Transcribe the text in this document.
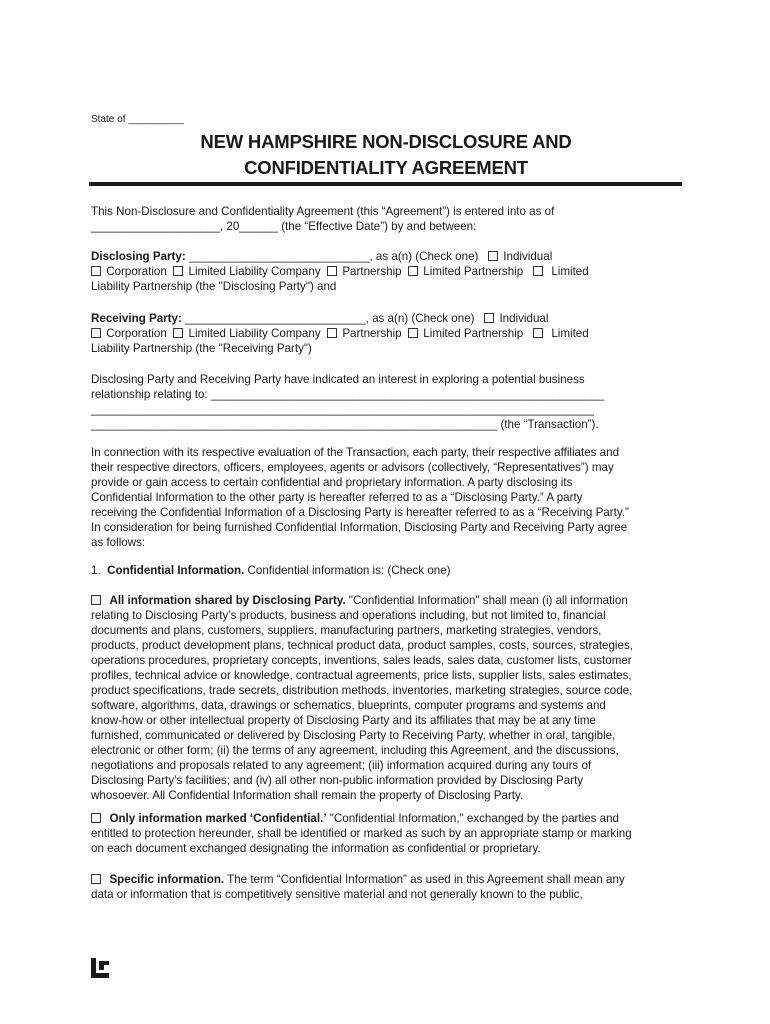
State of __________
NEW HAMPSHIRE NON-DISCLOSURE AND
CONFIDENTIALITY AGREEMENT
This Non-Disclosure and Confidentiality Agreement (this “Agreement”) is entered into as of
____________________, 20______ (the “Effective Date”) by and between:
Disclosing Party: ____________________________, as a(n) (Check one) Individual
Corporation Limited Liability Company Partnership Limited Partnership Limited
Liability Partnership (the "Disclosing Party") and
Receiving Party: ____________________________, as a(n) (Check one) Individual
Corporation Limited Liability Company Partnership Limited Partnership Limited
Liability Partnership (the "Receiving Party")
Disclosing Party and Receiving Party have indicated an interest in exploring a potential business
relationship relating to: _____________________________________________________________
______________________________________________________________________________
_______________________________________________________________ (the “Transaction”).
In connection with its respective evaluation of the Transaction, each party, their respective affiliates and
their respective directors, officers, employees, agents or advisors (collectively, “Representatives”) may
provide or gain access to certain confidential and proprietary information. A party disclosing its
Confidential Information to the other party is hereafter referred to as a “Disclosing Party.” A party
receiving the Confidential Information of a Disclosing Party is hereafter referred to as a “Receiving Party.”
In consideration for being furnished Confidential Information, Disclosing Party and Receiving Party agree
as follows:
1. Confidential Information. Confidential information is: (Check one)
All information shared by Disclosing Party. "Confidential Information" shall mean (i) all information
relating to Disclosing Party’s products, business and operations including, but not limited to, financial
documents and plans, customers, suppliers, manufacturing partners, marketing strategies, vendors,
products, product development plans, technical product data, product samples, costs, sources, strategies,
operations procedures, proprietary concepts, inventions, sales leads, sales data, customer lists, customer
profiles, technical advice or knowledge, contractual agreements, price lists, supplier lists, sales estimates,
product specifications, trade secrets, distribution methods, inventories, marketing strategies, source code,
software, algorithms, data, drawings or schematics, blueprints, computer programs and systems and
know-how or other intellectual property of Disclosing Party and its affiliates that may be at any time
furnished, communicated or delivered by Disclosing Party to Receiving Party, whether in oral, tangible,
electronic or other form; (ii) the terms of any agreement, including this Agreement, and the discussions,
negotiations and proposals related to any agreement; (iii) information acquired during any tours of
Disclosing Party’s facilities; and (iv) all other non-public information provided by Disclosing Party
whosoever. All Confidential Information shall remain the property of Disclosing Party.
Only information marked ‘Confidential.’ "Confidential Information," exchanged by the parties and
entitled to protection hereunder, shall be identified or marked as such by an appropriate stamp or marking
on each document exchanged designating the information as confidential or proprietary.
Specific information. The term “Confidential Information” as used in this Agreement shall mean any
data or information that is competitively sensitive material and not generally known to the public,
